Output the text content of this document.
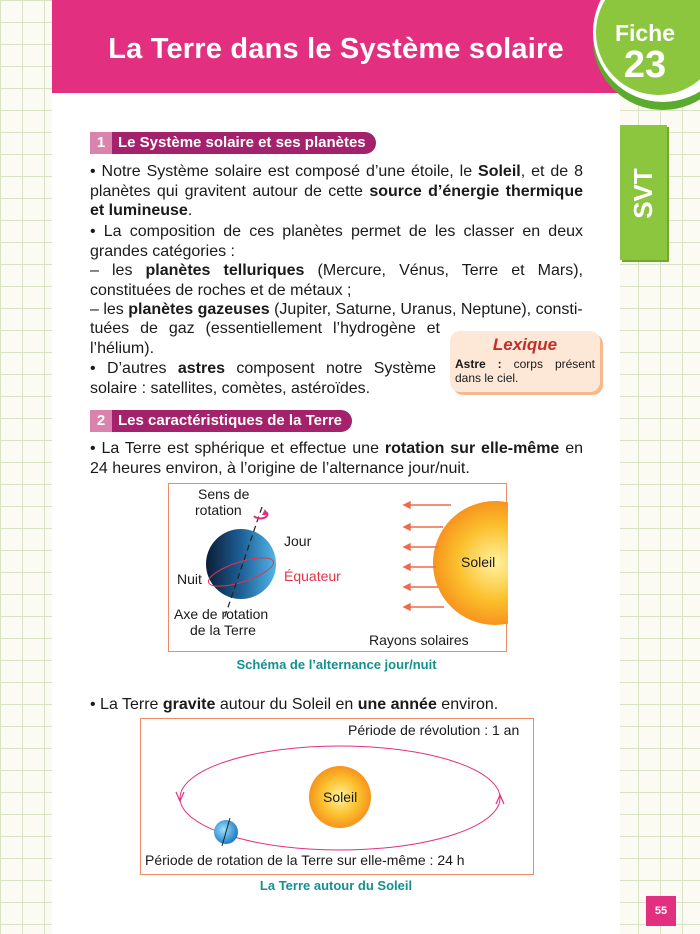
La Terre dans le Système solaire	Fiche
23
SVT
1 Le Système solaire et ses planètes
• Notre Système solaire est composé d’une étoile, le Soleil, et de 8 planètes qui gravitent autour de cette source d’énergie thermique et lumineuse.
• La composition de ces planètes permet de les classer en deux grandes catégories :
– les planètes telluriques (Mercure, Vénus, Terre et Mars), constituées de roches et de métaux ;
– les planètes gazeuses (Jupiter, Saturne, Uranus, Neptune), consti-
tuées de gaz (essentiellement l’hydrogène et l’hélium).
• D’autres astres composent notre Système solaire : satellites, comètes, astéroïdes.
Lexique
Astre : corps présent dans le ciel.
2 Les caractéristiques de la Terre
• La Terre est sphérique et effectue une rotation sur elle-même en 24 heures environ, à l’origine de l’alternance jour/nuit.
Sens de
rotation
Jour
Nuit	Équateur
Axe de rotation
de la Terre
Soleil
Rayons solaires
Schéma de l’alternance jour/nuit
• La Terre gravite autour du Soleil en une année environ.
Période de révolution : 1 an
Soleil
Période de rotation de la Terre sur elle-même : 24 h
La Terre autour du Soleil
55
